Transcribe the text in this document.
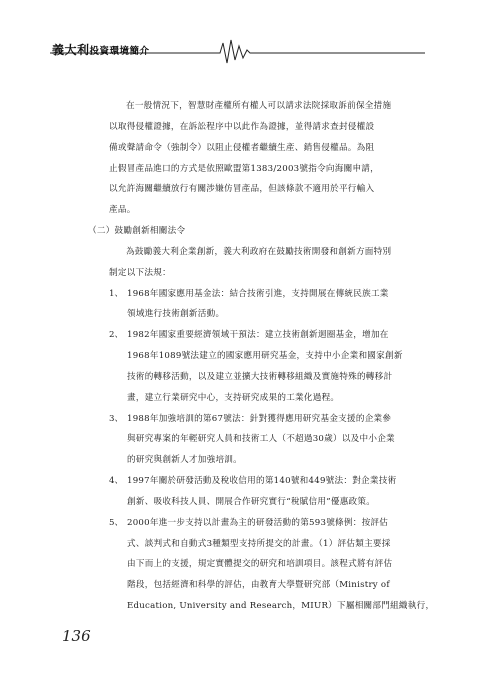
義大利投資環境簡介
在一般情況下，智慧財產權所有權人可以請求法院採取訴前保全措施
以取得侵權證據，在訴訟程序中以此作為證據，並得請求查封侵權設
備或聲請命令（強制令）以阻止侵權者繼續生產、銷售侵權品。為阻
止假冒產品進口的方式是依照歐盟第1383/2003號指令向海關申請，
以允許海關繼續放行有關涉嫌仿冒產品，但該條款不適用於平行輸入
產品。
（二）鼓勵創新相關法令
為鼓勵義大利企業創新，義大利政府在鼓勵技術開發和創新方面特別
制定以下法規：
1、 1968年國家應用基金法：結合技術引進，支持開展在傳統民族工業
領域進行技術創新活動。
2、 1982年國家重要經濟領域干預法：建立技術創新迴圈基金，增加在
1968年1089號法建立的國家應用研究基金，支持中小企業和國家創新
技術的轉移活動，以及建立並擴大技術轉移組織及實施特殊的轉移計
畫，建立行業研究中心，支持研究成果的工業化過程。
3、 1988年加強培訓的第67號法：針對獲得應用研究基金支援的企業參
與研究專案的年輕研究人員和技術工人（不超過30歲）以及中小企業
的研究與創新人才加強培訓。
4、 1997年關於研發活動及稅收信用的第140號和449號法：對企業技術
創新、吸收科技人員、開展合作研究實行“稅賦信用”優惠政策。
5、 2000年進一步支持以計畫為主的研發活動的第593號條例：按評估
式、談判式和自動式3種類型支持所提交的計畫。（1）評估類主要採
由下而上的支援，規定實體提交的研究和培訓項目。該程式將有評估
階段，包括經濟和科學的評估，由教育大學暨研究部（Ministry of
Education, University and Research，MIUR）下屬相關部門組織執行，
136
